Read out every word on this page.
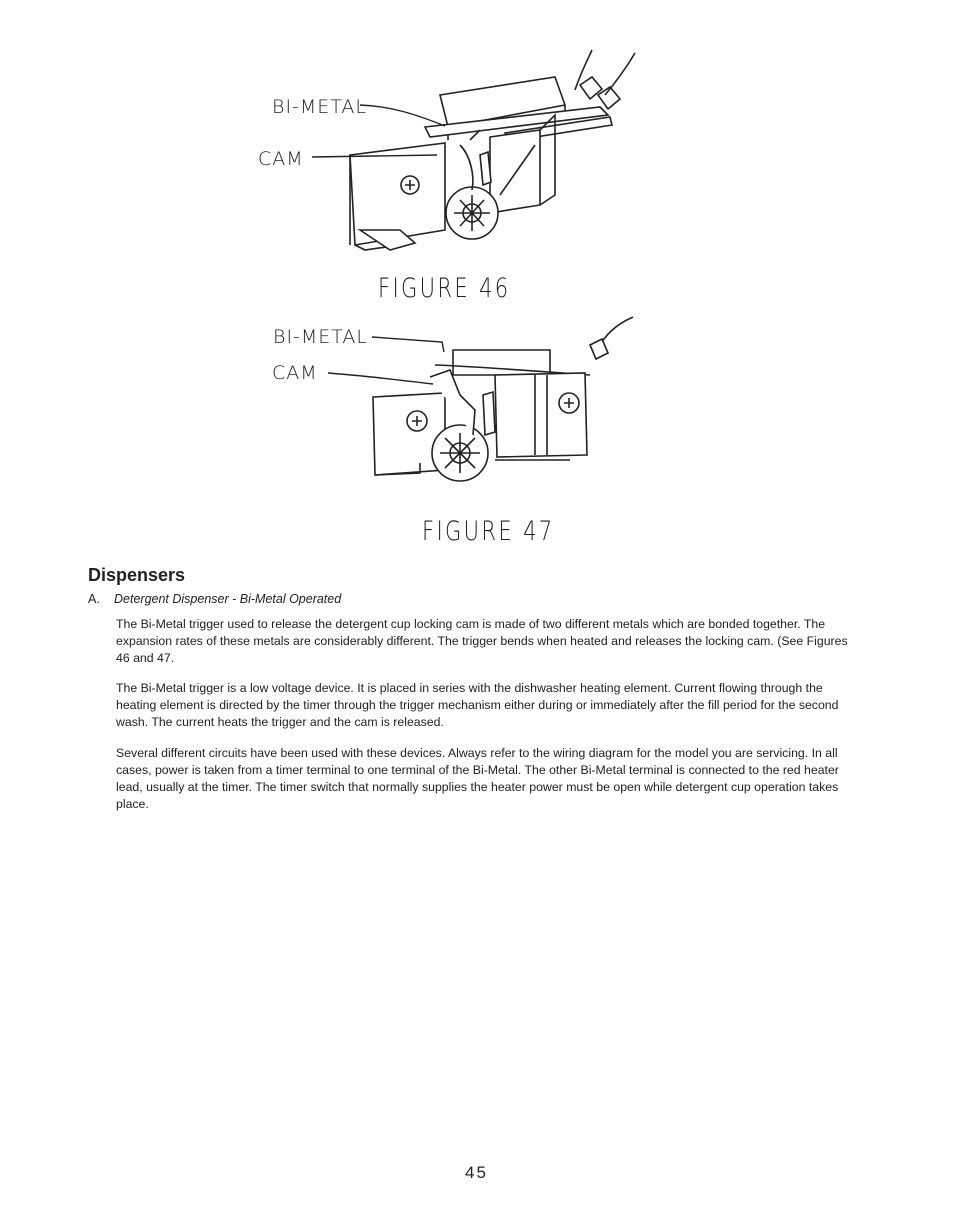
BI-METAL
CAM
FIGURE 46
BI-METAL
CAM
FIGURE 47
Dispensers
A. Detergent Dispenser - Bi-Metal Operated
The Bi-Metal trigger used to release the detergent cup locking cam is made of two different metals which are bonded together. The expansion rates of these metals are considerably different. The trigger bends when heated and releases the locking cam. (See Figures 46 and 47.
The Bi-Metal trigger is a low voltage device. It is placed in series with the dishwasher heating element. Current flowing through the heating element is directed by the timer through the trigger mechanism either during or immediately after the fill period for the second wash. The current heats the trigger and the cam is released.
Several different circuits have been used with these devices. Always refer to the wiring diagram for the model you are servicing. In all cases, power is taken from a timer terminal to one terminal of the Bi-Metal. The other Bi-Metal terminal is connected to the red heater lead, usually at the timer. The timer switch that normally supplies the heater power must be open while detergent cup operation takes place.
45
